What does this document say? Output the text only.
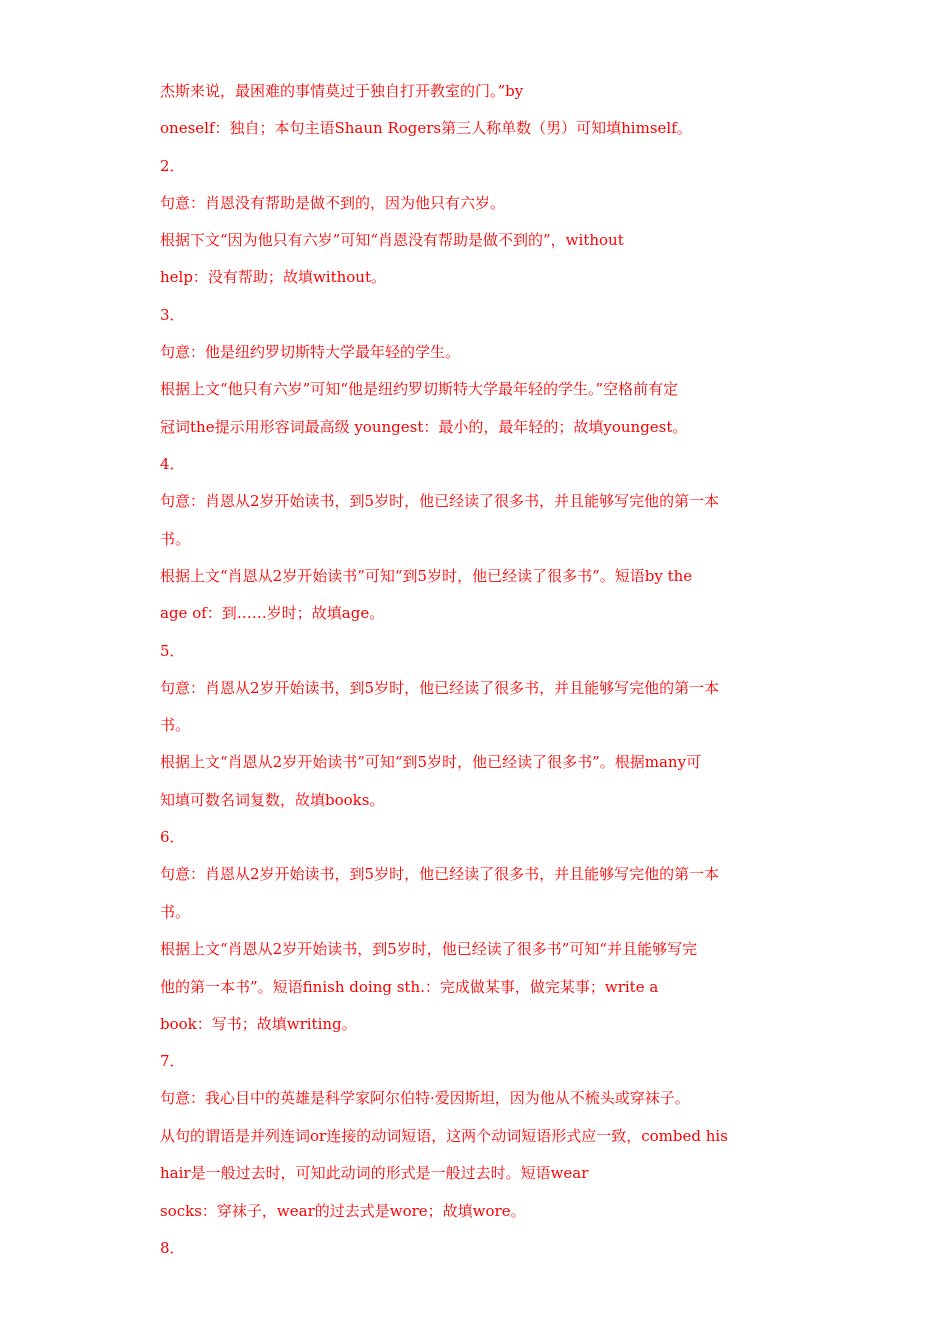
杰斯来说，最困难的事情莫过于独自打开教室的门。”by
oneself：独自；本句主语Shaun Rogers第三人称单数（男）可知填himself。
2．
句意：肖恩没有帮助是做不到的，因为他只有六岁。
根据下文“因为他只有六岁”可知“肖恩没有帮助是做不到的”，without
help：没有帮助；故填without。
3．
句意：他是纽约罗切斯特大学最年轻的学生。
根据上文“他只有六岁”可知“他是纽约罗切斯特大学最年轻的学生。”空格前有定
冠词the提示用形容词最高级 youngest：最小的，最年轻的；故填youngest。
4．
句意：肖恩从2岁开始读书，到5岁时，他已经读了很多书，并且能够写完他的第一本
书。
根据上文“肖恩从2岁开始读书”可知“到5岁时，他已经读了很多书”。短语by the
age of：到……岁时；故填age。
5．
句意：肖恩从2岁开始读书，到5岁时，他已经读了很多书，并且能够写完他的第一本
书。
根据上文“肖恩从2岁开始读书”可知“到5岁时，他已经读了很多书”。根据many可
知填可数名词复数，故填books。
6．
句意：肖恩从2岁开始读书，到5岁时，他已经读了很多书，并且能够写完他的第一本
书。
根据上文“肖恩从2岁开始读书，到5岁时，他已经读了很多书”可知“并且能够写完
他的第一本书”。短语finish doing sth.：完成做某事，做完某事；write a
book：写书；故填writing。
7．
句意：我心目中的英雄是科学家阿尔伯特·爱因斯坦，因为他从不梳头或穿袜子。
从句的谓语是并列连词or连接的动词短语，这两个动词短语形式应一致，combed his
hair是一般过去时，可知此动词的形式是一般过去时。短语wear
socks：穿袜子，wear的过去式是wore；故填wore。
8．
